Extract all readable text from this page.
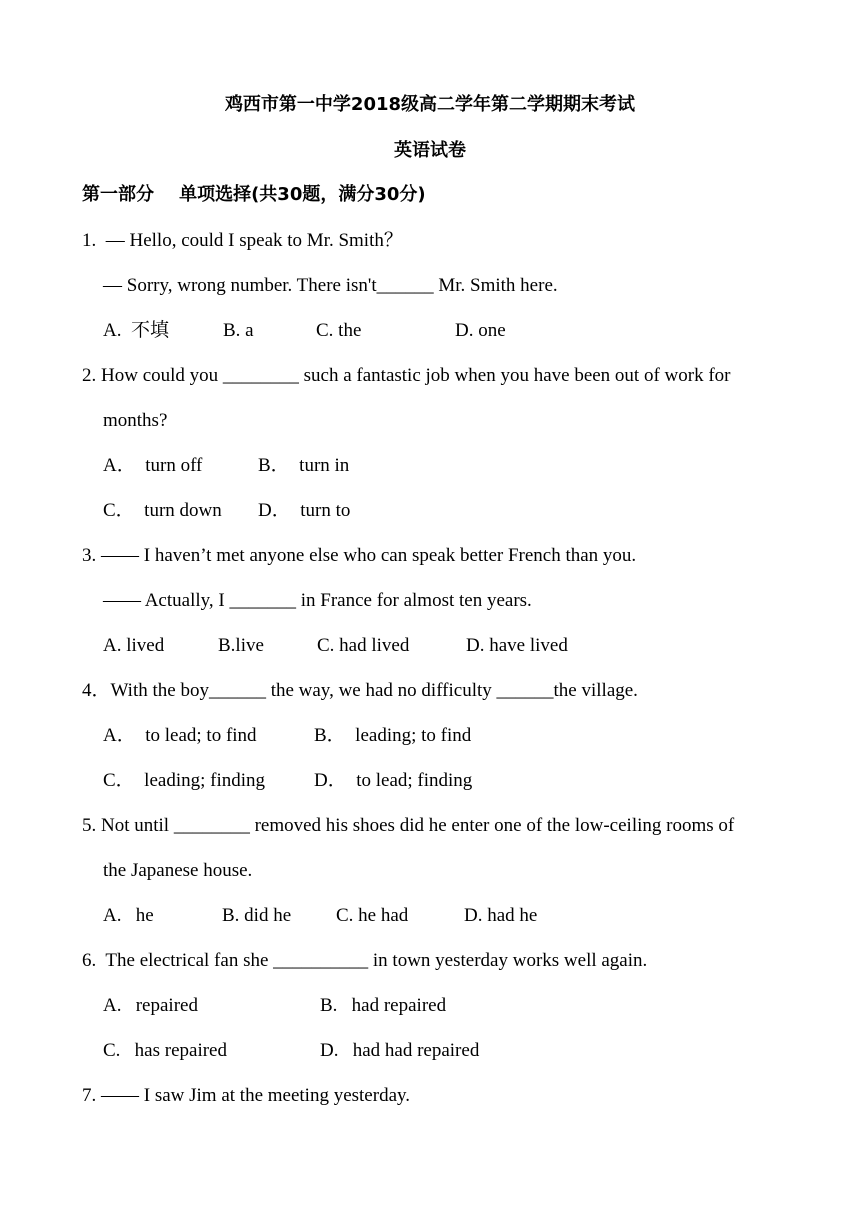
鸡西市第一中学2018级高二学年第二学期期末考试
英语试卷
第一部分    单项选择(共30题，满分30分)
1.  — Hello, could I speak to Mr. Smith？
— Sorry, wrong number. There isn't______ Mr. Smith here.
A.  不填	B. a	C. the	D. one
2. How could you ________ such a fantastic job when you have been out of work for
months?
A．  turn off	B．  turn in
C．  turn down D．  turn to
3. —— I haven’t met anyone else who can speak better French than you.
—— Actually, I _______ in France for almost ten years.
A. lived	B.live	C. had lived	D. have lived
4．With the boy______ the way, we had no difficulty ______the village.
A．  to lead; to find	B．  leading; to find
C．  leading; finding	D．  to lead; finding
5. Not until ________ removed his shoes did he enter one of the low-ceiling rooms of
the Japanese house.
A.   he	B. did he C. he had	D. had he
6.  The electrical fan she __________ in town yesterday works well again.
A.   repaired	B.   had repaired
C.   has repaired	D.   had had repaired
7. —— I saw Jim at the meeting yesterday.
